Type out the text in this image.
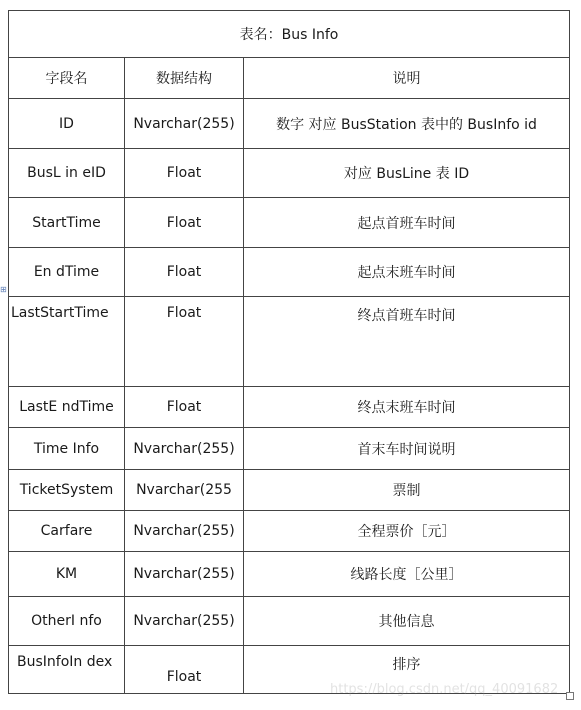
⊞
表名：Bus Info		
字段名	数据结构	说明
ID	Nvarchar(255)	数字 对应 BusStation 表中的 BusInfo id
BusL in eID	Float	对应 BusLine 表 ID
StartTime	Float	起点首班车时间
En dTime	Float	起点末班车时间
LastStartTime	Float	终点首班车时间
LastE ndTime	Float	终点末班车时间
Time Info	Nvarchar(255)	首末车时间说明
TicketSystem	Nvarchar(255	票制
Carfare	Nvarchar(255)	全程票价［元］
KM	Nvarchar(255)	线路长度［公里］
OtherI nfo	Nvarchar(255)	其他信息
BusInfoIn dex	Float	排序
https://blog.csdn.net/qq_40091682
